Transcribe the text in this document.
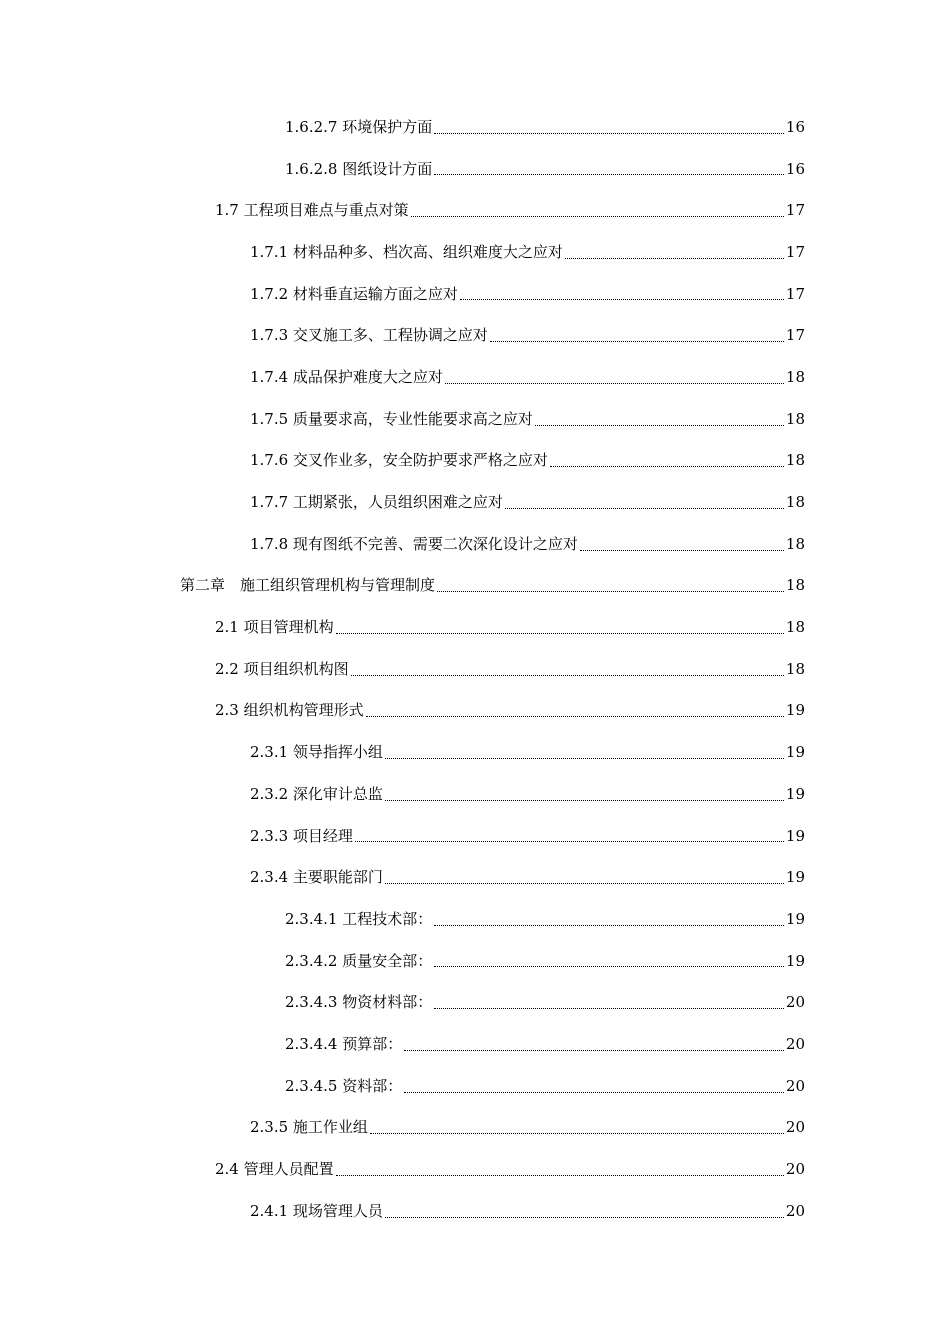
1.6.2.7 环境保护方面	16
1.6.2.8 图纸设计方面	16
1.7 工程项目难点与重点对策	17
1.7.1 材料品种多、档次高、组织难度大之应对	17
1.7.2 材料垂直运输方面之应对	17
1.7.3 交叉施工多、工程协调之应对	17
1.7.4 成品保护难度大之应对	18
1.7.5 质量要求高，专业性能要求高之应对	18
1.7.6 交叉作业多，安全防护要求严格之应对	18
1.7.7 工期紧张，人员组织困难之应对	18
1.7.8 现有图纸不完善、需要二次深化设计之应对	18
第二章　施工组织管理机构与管理制度	18
2.1 项目管理机构	18
2.2 项目组织机构图	18
2.3 组织机构管理形式	19
2.3.1 领导指挥小组	19
2.3.2 深化审计总监	19
2.3.3 项目经理	19
2.3.4 主要职能部门	19
2.3.4.1 工程技术部：	19
2.3.4.2 质量安全部：	19
2.3.4.3 物资材料部：	20
2.3.4.4 预算部：	20
2.3.4.5 资料部：	20
2.3.5 施工作业组	20
2.4 管理人员配置	20
2.4.1 现场管理人员	20
